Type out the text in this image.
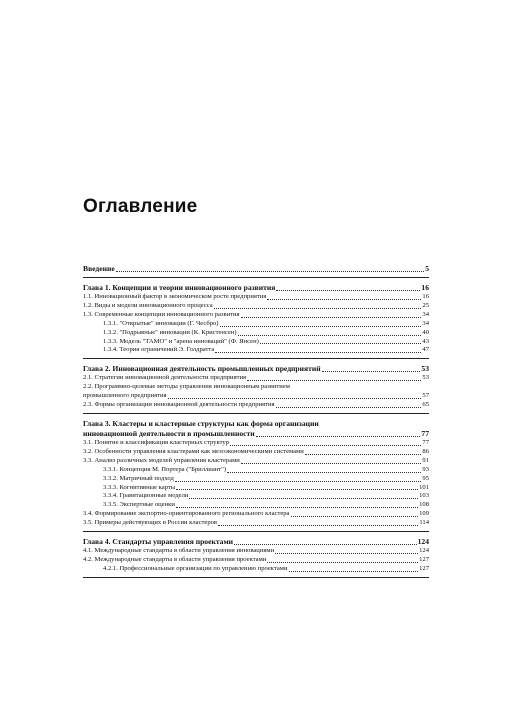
Оглавление
Введение	5
Глава 1. Концепции и теории инновационного развития	16
1.1. Инновационный фактор в экономическом росте предприятия	16
1.2. Виды и модели инновационного процесса	25
1.3. Современные концепции инновационного развития	34
1.3.1. "Открытые" инновации (Г. Чесбро)	34
1.3.2. "Подрывные" инновации (К. Кристенсен)	40
1.3.3. Модель "ТАМО" и "арена инноваций" (Ф. Янсен)	43
1.3.4. Теория ограничений Э. Голдратта	47
Глава 2. Инновационная деятельность промышленных предприятий	53
2.1. Стратегии инновационной деятельности предприятия	53
2.2. Программно-целевые методы управления инновационным развитием
промышленного предприятия	57
2.3. Формы организации инновационной деятельности предприятия	65
Глава 3. Кластеры и кластерные структуры как форма организации
инновационной деятельности в промышленности	77
3.1. Понятие и классификация кластерных структур	77
3.2. Особенности управления кластерами как мезоэкономическими системами	86
3.3. Анализ различных моделей управления кластерами	91
3.3.1. Концепция М. Портера ("Бриллиант")	93
3.3.2. Матричный подход	95
3.3.3. Когнитивные карты	101
3.3.4. Гравитационные модели	103
3.3.5. Экспертные оценки	108
3.4. Формирование экспортно-ориентированного регионального кластера	109
3.5. Примеры действующих в России кластеров	114
Глава 4. Стандарты управления проектами	124
4.1. Международные стандарты в области управления инновациями	124
4.2. Международные стандарты в области управления проектами	127
4.2.1. Профессиональные организации по управлению проектами	127
